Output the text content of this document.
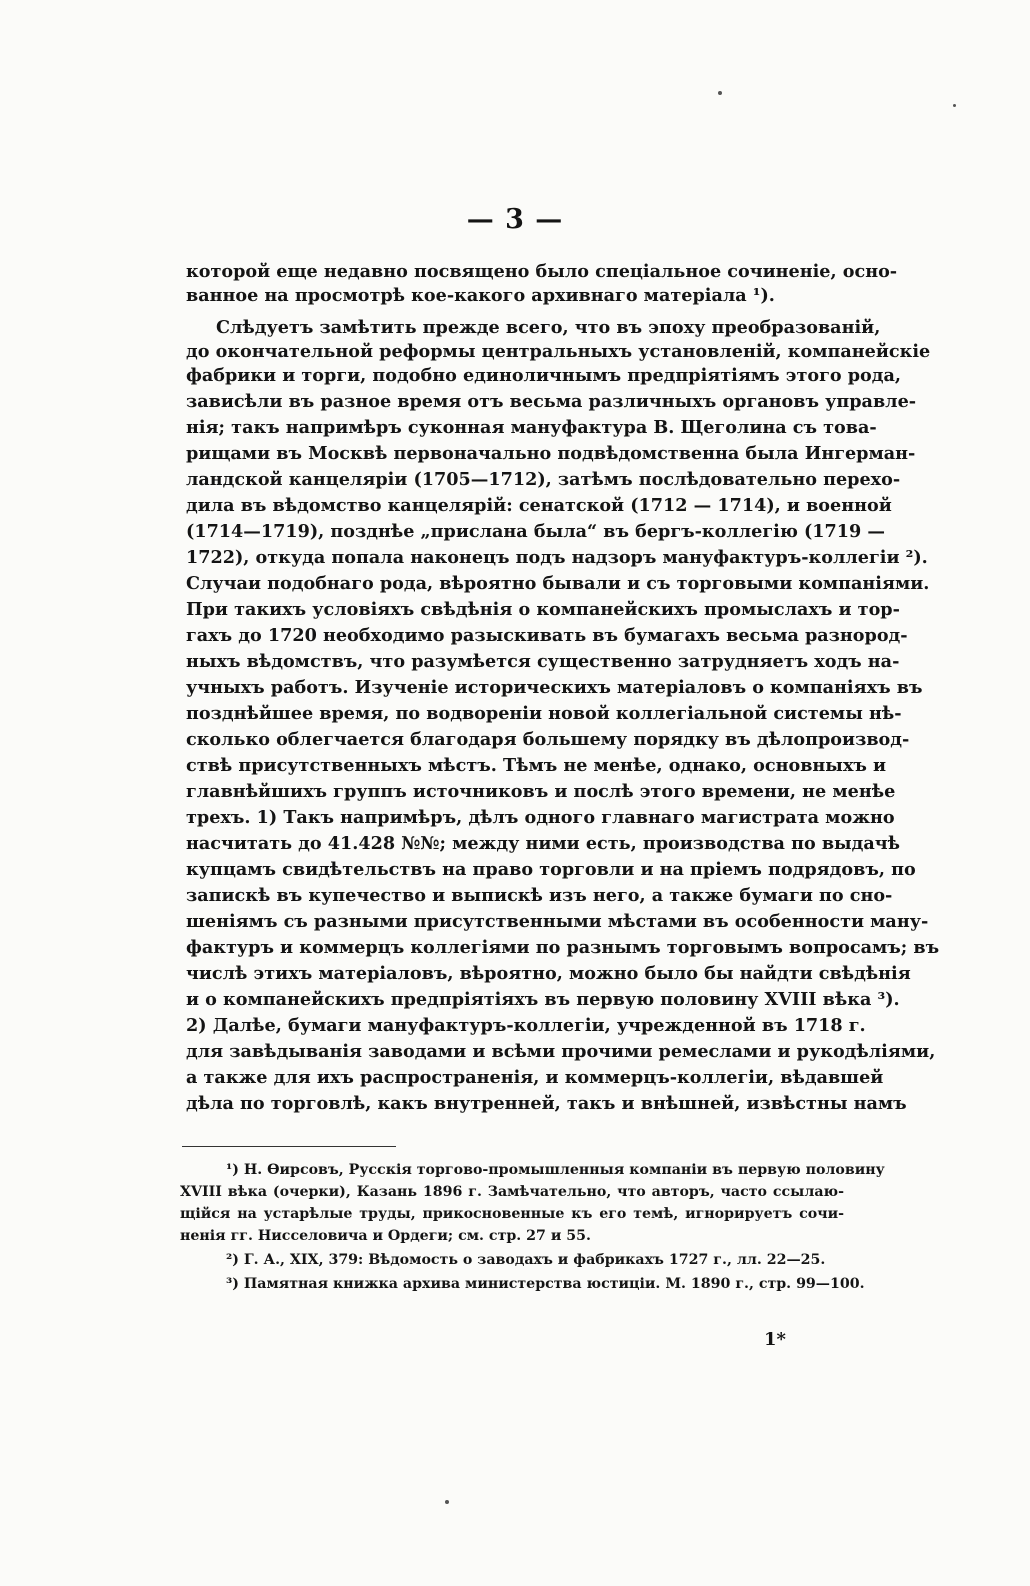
— 3 —
которой еще недавно посвящено было спеціальное сочиненіе, осно-
ванное на просмотрѣ кое-какого архивнаго матеріала ¹).
Слѣдуетъ замѣтить прежде всего, что въ эпоху преобразованій,
до окончательной реформы центральныхъ установленій, компанейскіе
фабрики и торги, подобно единоличнымъ предпріятіямъ этого рода,
зависѣли въ разное время отъ весьма различныхъ органовъ управле-
нія; такъ напримѣръ суконная мануфактура В. Щеголина съ това-
рищами въ Москвѣ первоначально подвѣдомственна была Ингерман-
ландской канцеляріи (1705—1712), затѣмъ послѣдовательно перехо-
дила въ вѣдомство канцелярій: сенатской (1712 — 1714), и военной
(1714—1719), позднѣе „прислана была“ въ бергъ-коллегію (1719 —
1722), откуда попала наконецъ подъ надзоръ мануфактуръ-коллегіи ²).
Случаи подобнаго рода, вѣроятно бывали и съ торговыми компаніями.
При такихъ условіяхъ свѣдѣнія о компанейскихъ промыслахъ и тор-
гахъ до 1720 необходимо разыскивать въ бумагахъ весьма разнород-
ныхъ вѣдомствъ, что разумѣется существенно затрудняетъ ходъ на-
учныхъ работъ. Изученіе историческихъ матеріаловъ о компаніяхъ въ
позднѣйшее время, по водвореніи новой коллегіальной системы нѣ-
сколько облегчается благодаря большему порядку въ дѣлопроизвод-
ствѣ присутственныхъ мѣстъ. Тѣмъ не менѣе, однако, основныхъ и
главнѣйшихъ группъ источниковъ и послѣ этого времени, не менѣе
трехъ. 1) Такъ напримѣръ, дѣлъ одного главнаго магистрата можно
насчитать до 41.428 №№; между ними есть, производства по выдачѣ
купцамъ свидѣтельствъ на право торговли и на пріемъ подрядовъ, по
запискѣ въ купечество и выпискѣ изъ него, а также бумаги по сно-
шеніямъ съ разными присутственными мѣстами въ особенности ману-
фактуръ и коммерцъ коллегіями по разнымъ торговымъ вопросамъ; въ
числѣ этихъ матеріаловъ, вѣроятно, можно было бы найдти свѣдѣнія
и о компанейскихъ предпріятіяхъ въ первую половину XVIII вѣка ³).
2) Далѣе, бумаги мануфактуръ-коллегіи, учрежденной въ 1718 г.
для завѣдыванія заводами и всѣми прочими ремеслами и рукодѣліями,
а также для ихъ распространенія, и коммерцъ-коллегіи, вѣдавшей
дѣла по торговлѣ, какъ внутренней, такъ и внѣшней, извѣстны намъ
¹) Н. Ѳирсовъ, Русскія торгово-промышленныя компаніи въ первую половину
XVIII вѣка (очерки), Казань 1896 г. Замѣчательно, что авторъ, часто ссылаю-
щійся на устарѣлые труды, прикосновенные къ его темѣ, игнорируетъ сочи-
ненія гг. Нисселовича и Ордеги; см. стр. 27 и 55.
²) Г. А., XIX, 379: Вѣдомость о заводахъ и фабрикахъ 1727 г., лл. 22—25.
³) Памятная книжка архива министерства юстиціи. М. 1890 г., стр. 99—100.
1*
